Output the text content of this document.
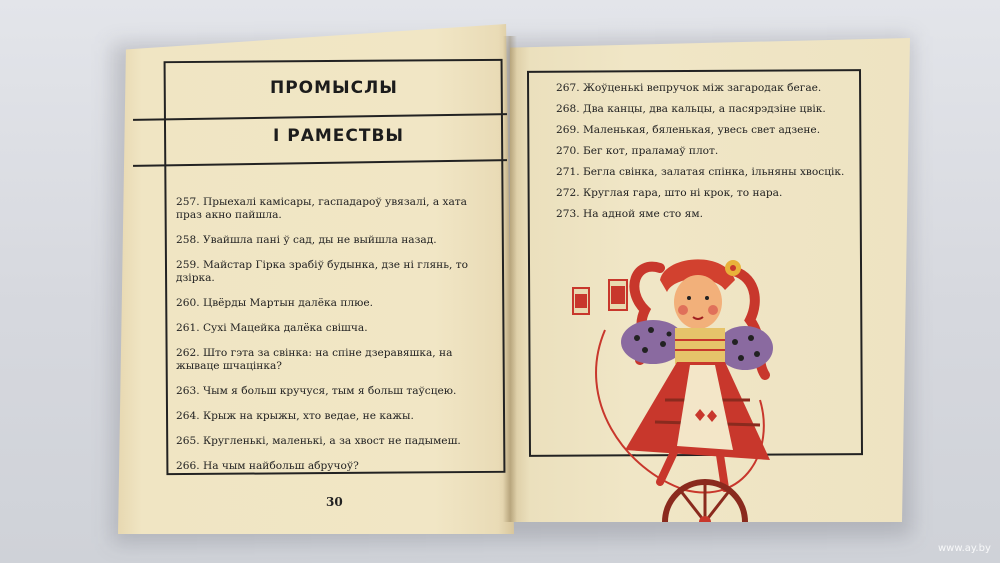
ПРОМЫСЛЫ
І РАМЕСТВЫ
257. Прыехалі камісары, гаспадароў увязалі, а хата праз акно пайшла.
258. Увайшла пані ў сад, ды не выйшла назад.
259. Майстар Гірка зрабіў будынка, дзе ні глянь, то дзірка.
260. Цвёрды Мартын далёка плюе.
261. Сухі Мацейка далёка свішча.
262. Што гэта за свінка: на спіне дзеравяшка, на жываце шчацінка?
263. Чым я больш кручуся, тым я больш таўсцею.
264. Крыж на крыжы, хто ведае, не кажы.
265. Кругленькі, маленькі, а за хвост не падымеш.
266. На чым найбольш абручоў?
30
267. Жоўценькі вепручок між загародак бегае.
268. Два канцы, два кальцы, а пасярэдзіне цвік.
269. Маленькая, бяленькая, увесь свет адзене.
270. Бег кот, праламаў плот.
271. Бегла свінка, залатая спінка, ільняны хвосцік.
272. Круглая гара, што ні крок, то нара.
273. На адной яме сто ям.
www.ay.by
